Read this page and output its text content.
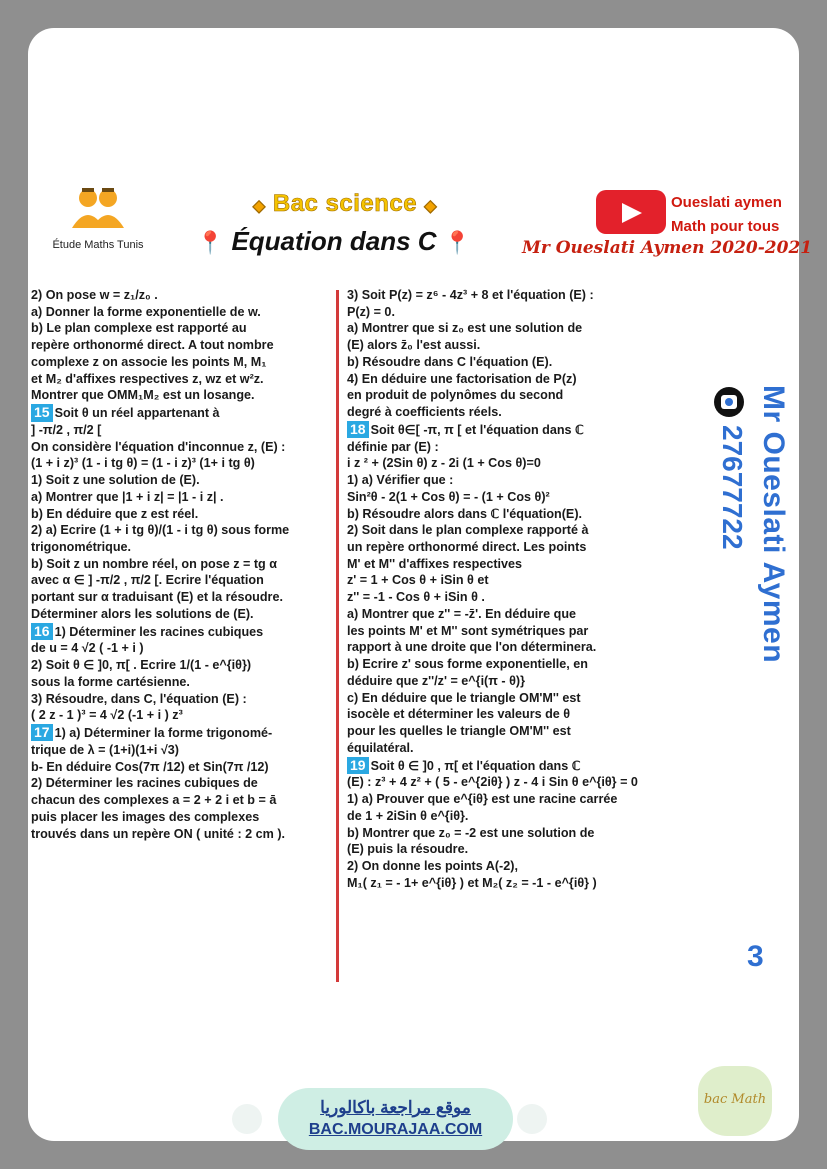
Étude Maths Tunis
◆ Bac science ◆
📍 Équation dans C 📍
Oueslati aymen
Math pour tous
Mr Oueslati Aymen 2020-2021

2) On pose w = z₁/z₀ .

a) Donner la forme exponentielle de w.

b) Le plan complexe est rapporté au

repère orthonormé direct. A tout nombre

complexe z on associe les points M, M₁

et M₂ d'affixes respectives z, wz et w²z.

Montrer que OMM₁M₂ est un losange.

15 Soit θ un réel appartenant à

] -π/2 , π/2 [

On considère l'équation d'inconnue z, (E) :

(1 + i z)³ (1 - i tg θ) = (1 - i z)³ (1+ i tg θ)

1) Soit z une solution de (E).

a) Montrer que |1 + i z| = |1 - i z| .

b) En déduire que z est réel.

2) a) Ecrire (1 + i tg θ)/(1 - i tg θ) sous forme

trigonométrique.

b) Soit z un nombre réel, on pose z = tg α

avec α ∈ ] -π/2 , π/2 [. Ecrire l'équation

portant sur α traduisant (E) et la résoudre.

Déterminer alors les solutions de (E).

16 1) Déterminer les racines cubiques

de u = 4 √2 ( -1 + i )

2) Soit θ ∈ ]0, π[ . Ecrire 1/(1 - e^{iθ})

sous la forme cartésienne.

3) Résoudre, dans C, l'équation (E) :

( 2 z - 1 )³ = 4 √2 (-1 + i ) z³

17 1) a) Déterminer la forme trigonomé-

trique de λ = (1+i)(1+i √3)

b- En déduire Cos(7π /12) et Sin(7π /12)

2) Déterminer les racines cubiques de

chacun des complexes a = 2 + 2 i et b = ā

puis placer les images des complexes

trouvés dans un repère ON ( unité : 2 cm ).

3) Soit P(z) = z⁶ - 4z³ + 8 et l'équation (E) :

P(z) = 0.

a) Montrer que si z₀ est une solution de

(E) alors z̄₀ l'est aussi.

b) Résoudre dans C l'équation (E).

4) En déduire une factorisation de P(z)

en produit de polynômes du second

degré à coefficients réels.

18 Soit θ∈[ -π, π [ et l'équation dans ℂ

définie par (E) :

i z ² + (2Sin θ) z - 2i (1 + Cos θ)=0

1) a) Vérifier que :

Sin²θ - 2(1 + Cos θ) = - (1 + Cos θ)²

b) Résoudre alors dans ℂ l'équation(E).

2) Soit dans le plan complexe rapporté à

un repère orthonormé direct. Les points

M' et M'' d'affixes respectives

z' = 1 + Cos θ + iSin θ et

z'' = -1 - Cos θ + iSin θ .

a) Montrer que z'' = -z̄'. En déduire que

les points M' et M'' sont symétriques par

rapport à une droite que l'on déterminera.

b) Ecrire z' sous forme exponentielle, en

déduire que z''/z' = e^{i(π - θ)}

c) En déduire que le triangle OM'M'' est

isocèle et déterminer les valeurs de θ

pour les quelles le triangle OM'M'' est

équilatéral.

19 Soit θ ∈ ]0 , π[ et l'équation dans ℂ

(E) : z³ + 4 z² + ( 5 - e^{2iθ} ) z - 4 i Sin θ e^{iθ} = 0

1) a) Prouver que e^{iθ} est une racine carrée

de 1 + 2iSin θ e^{iθ}.

b) Montrer que z₀ = -2 est une solution de

(E) puis la résoudre.

2) On donne les points A(-2),

M₁( z₁ = - 1+ e^{iθ} ) et M₂( z₂ = -1 - e^{iθ} )

Mr Oueslati Aymen
27677722
3
موقع مراجعة باكالوريا
BAC.MOURAJAA.COM
bac Math
